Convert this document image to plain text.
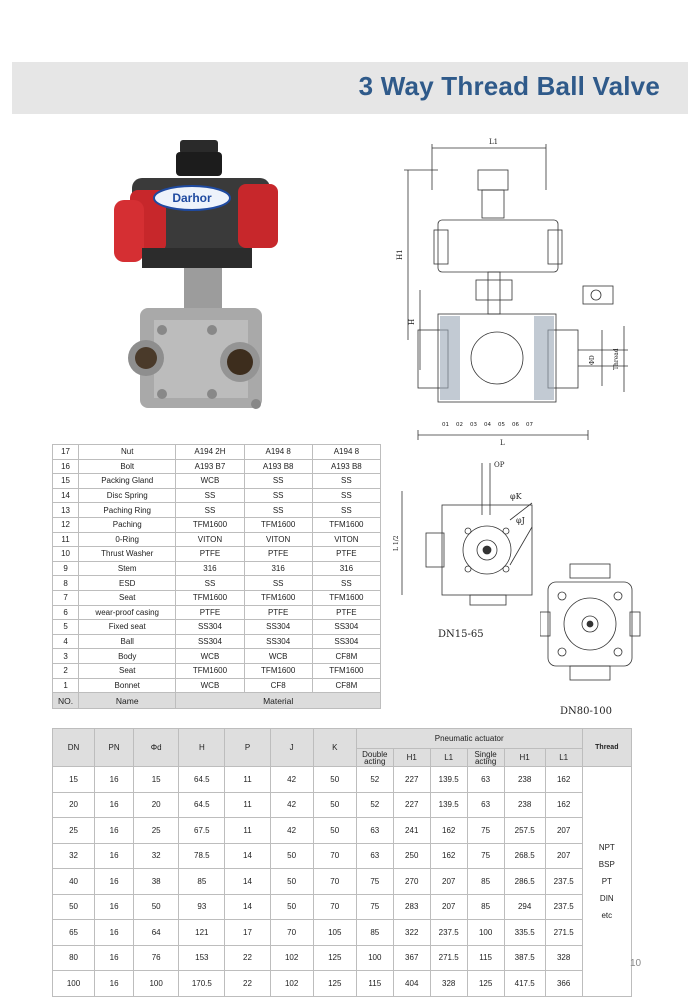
3 Way Thread Ball Valve
Darhor
L1
H1
H
L
ΦD	Thread
01 02 03 04 05 06 07
OP
φK
φJ
L 1/2
DN15-65
DN80-100
17	Nut	A194 2H	A194 8	A194 8
16	Bolt	A193 B7	A193 B8	A193 B8
15	Packing Gland	WCB	SS	SS
14	Disc Spring	SS	SS	SS
13	Paching Ring	SS	SS	SS
12	Paching	TFM1600	TFM1600	TFM1600
11	0-Ring	VITON	VITON	VITON
10	Thrust Washer	PTFE	PTFE	PTFE
9	Stem	316	316	316
8	ESD	SS	SS	SS
7	Seat	TFM1600	TFM1600	TFM1600
6	wear-proof casing	PTFE	PTFE	PTFE
5	Fixed seat	SS304	SS304	SS304
4	Ball	SS304	SS304	SS304
3	Body	WCB	WCB	CF8M
2	Seat	TFM1600	TFM1600	TFM1600
1	Bonnet	WCB	CF8	CF8M
NO.	Name	Material		
DN	PN	Φd	H	P	J	K	Pneumatic actuator						Thread
							Double acting	H1	L1	Single acting	H1	L1	
15	16	15	64.5	11	42	50	52	227	139.5	63	238	162	NPT
BSP
PT
DIN
etc

20	16	20	64.5	11	42	50	52	227	139.5	63	238	162	
25	16	25	67.5	11	42	50	63	241	162	75	257.5	207	
32	16	32	78.5	14	50	70	63	250	162	75	268.5	207	
40	16	38	85	14	50	70	75	270	207	85	286.5	237.5	
50	16	50	93	14	50	70	75	283	207	85	294	237.5	
65	16	64	121	17	70	105	85	322	237.5	100	335.5	271.5	
80	16	76	153	22	102	125	100	367	271.5	115	387.5	328	
100	16	100	170.5	22	102	125	115	404	328	125	417.5	366	
10
